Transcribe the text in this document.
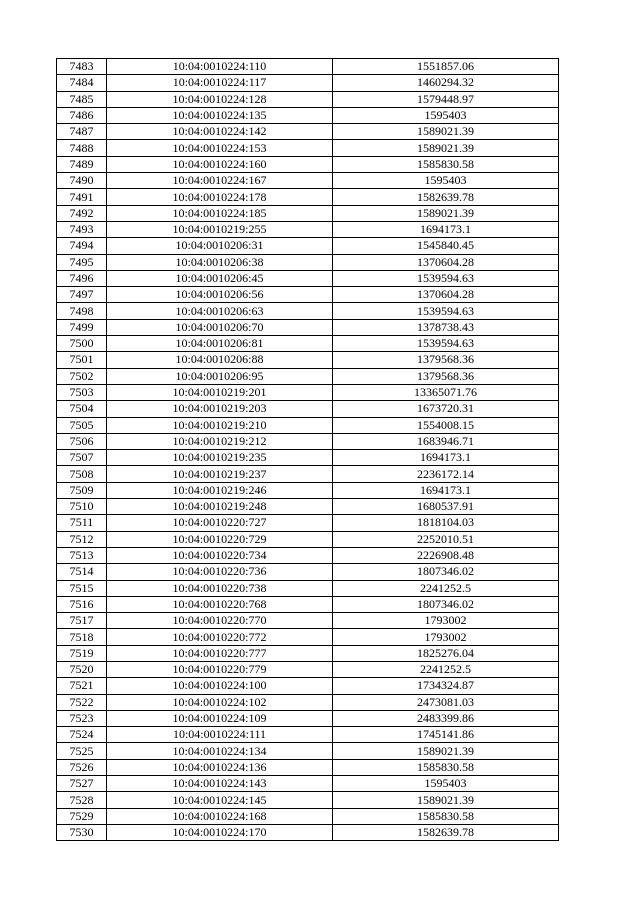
7483	10:04:0010224:110	1551857.06
7484	10:04:0010224:117	1460294.32
7485	10:04:0010224:128	1579448.97
7486	10:04:0010224:135	1595403
7487	10:04:0010224:142	1589021.39
7488	10:04:0010224:153	1589021.39
7489	10:04:0010224:160	1585830.58
7490	10:04:0010224:167	1595403
7491	10:04:0010224:178	1582639.78
7492	10:04:0010224:185	1589021.39
7493	10:04:0010219:255	1694173.1
7494	10:04:0010206:31	1545840.45
7495	10:04:0010206:38	1370604.28
7496	10:04:0010206:45	1539594.63
7497	10:04:0010206:56	1370604.28
7498	10:04:0010206:63	1539594.63
7499	10:04:0010206:70	1378738.43
7500	10:04:0010206:81	1539594.63
7501	10:04:0010206:88	1379568.36
7502	10:04:0010206:95	1379568.36
7503	10:04:0010219:201	13365071.76
7504	10:04:0010219:203	1673720.31
7505	10:04:0010219:210	1554008.15
7506	10:04:0010219:212	1683946.71
7507	10:04:0010219:235	1694173.1
7508	10:04:0010219:237	2236172.14
7509	10:04:0010219:246	1694173.1
7510	10:04:0010219:248	1680537.91
7511	10:04:0010220:727	1818104.03
7512	10:04:0010220:729	2252010.51
7513	10:04:0010220:734	2226908.48
7514	10:04:0010220:736	1807346.02
7515	10:04:0010220:738	2241252.5
7516	10:04:0010220:768	1807346.02
7517	10:04:0010220:770	1793002
7518	10:04:0010220:772	1793002
7519	10:04:0010220:777	1825276.04
7520	10:04:0010220:779	2241252.5
7521	10:04:0010224:100	1734324.87
7522	10:04:0010224:102	2473081.03
7523	10:04:0010224:109	2483399.86
7524	10:04:0010224:111	1745141.86
7525	10:04:0010224:134	1589021.39
7526	10:04:0010224:136	1585830.58
7527	10:04:0010224:143	1595403
7528	10:04:0010224:145	1589021.39
7529	10:04:0010224:168	1585830.58
7530	10:04:0010224:170	1582639.78
